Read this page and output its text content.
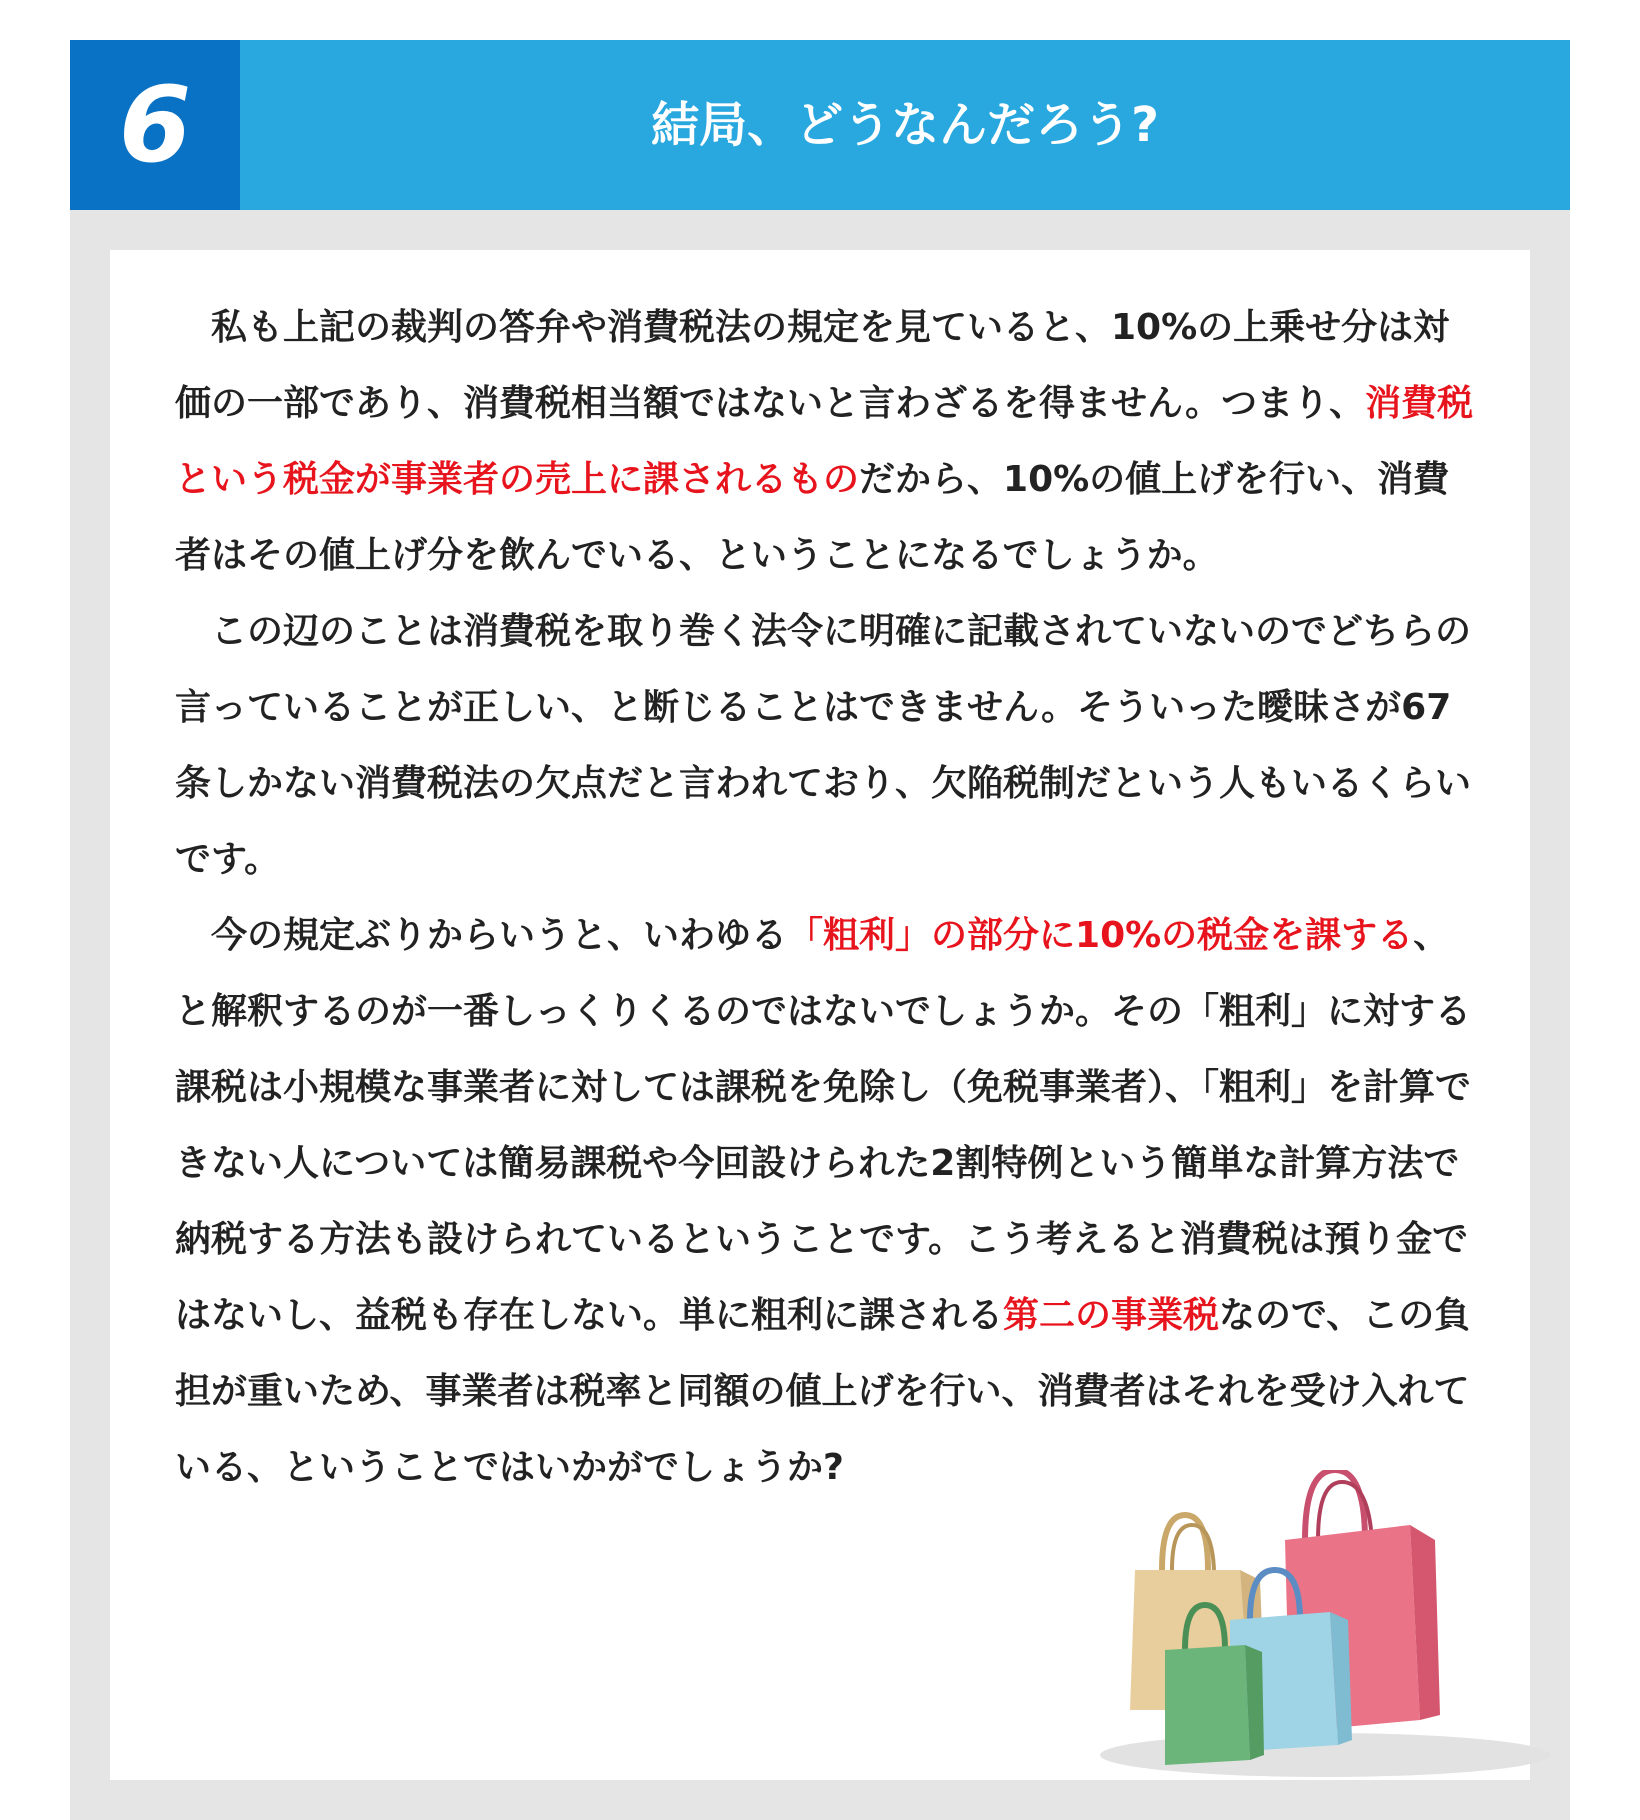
6	結局、どうなんだろう?

私も上記の裁判の答弁や消費税法の規定を見ていると、10%の上乗せ分は対価の一部であり、消費税相当額ではないと言わざるを得ません。つまり、消費税という税金が事業者の売上に課されるものだから、10%の値上げを行い、消費者はその値上げ分を飲んでいる、ということになるでしょうか。

この辺のことは消費税を取り巻く法令に明確に記載されていないのでどちらの言っていることが正しい、と断じることはできません。そういった曖昧さが67条しかない消費税法の欠点だと言われており、欠陥税制だという人もいるくらいです。

今の規定ぶりからいうと、いわゆる「粗利」の部分に10%の税金を課する、と解釈するのが一番しっくりくるのではないでしょうか。その「粗利」に対する課税は小規模な事業者に対しては課税を免除し（免税事業者）、「粗利」を計算できない人については簡易課税や今回設けられた2割特例という簡単な計算方法で納税する方法も設けられているということです。こう考えると消費税は預り金ではないし、益税も存在しない。単に粗利に課される第二の事業税なので、この負担が重いため、事業者は税率と同額の値上げを行い、消費者はそれを受け入れている、ということではいかがでしょうか?
